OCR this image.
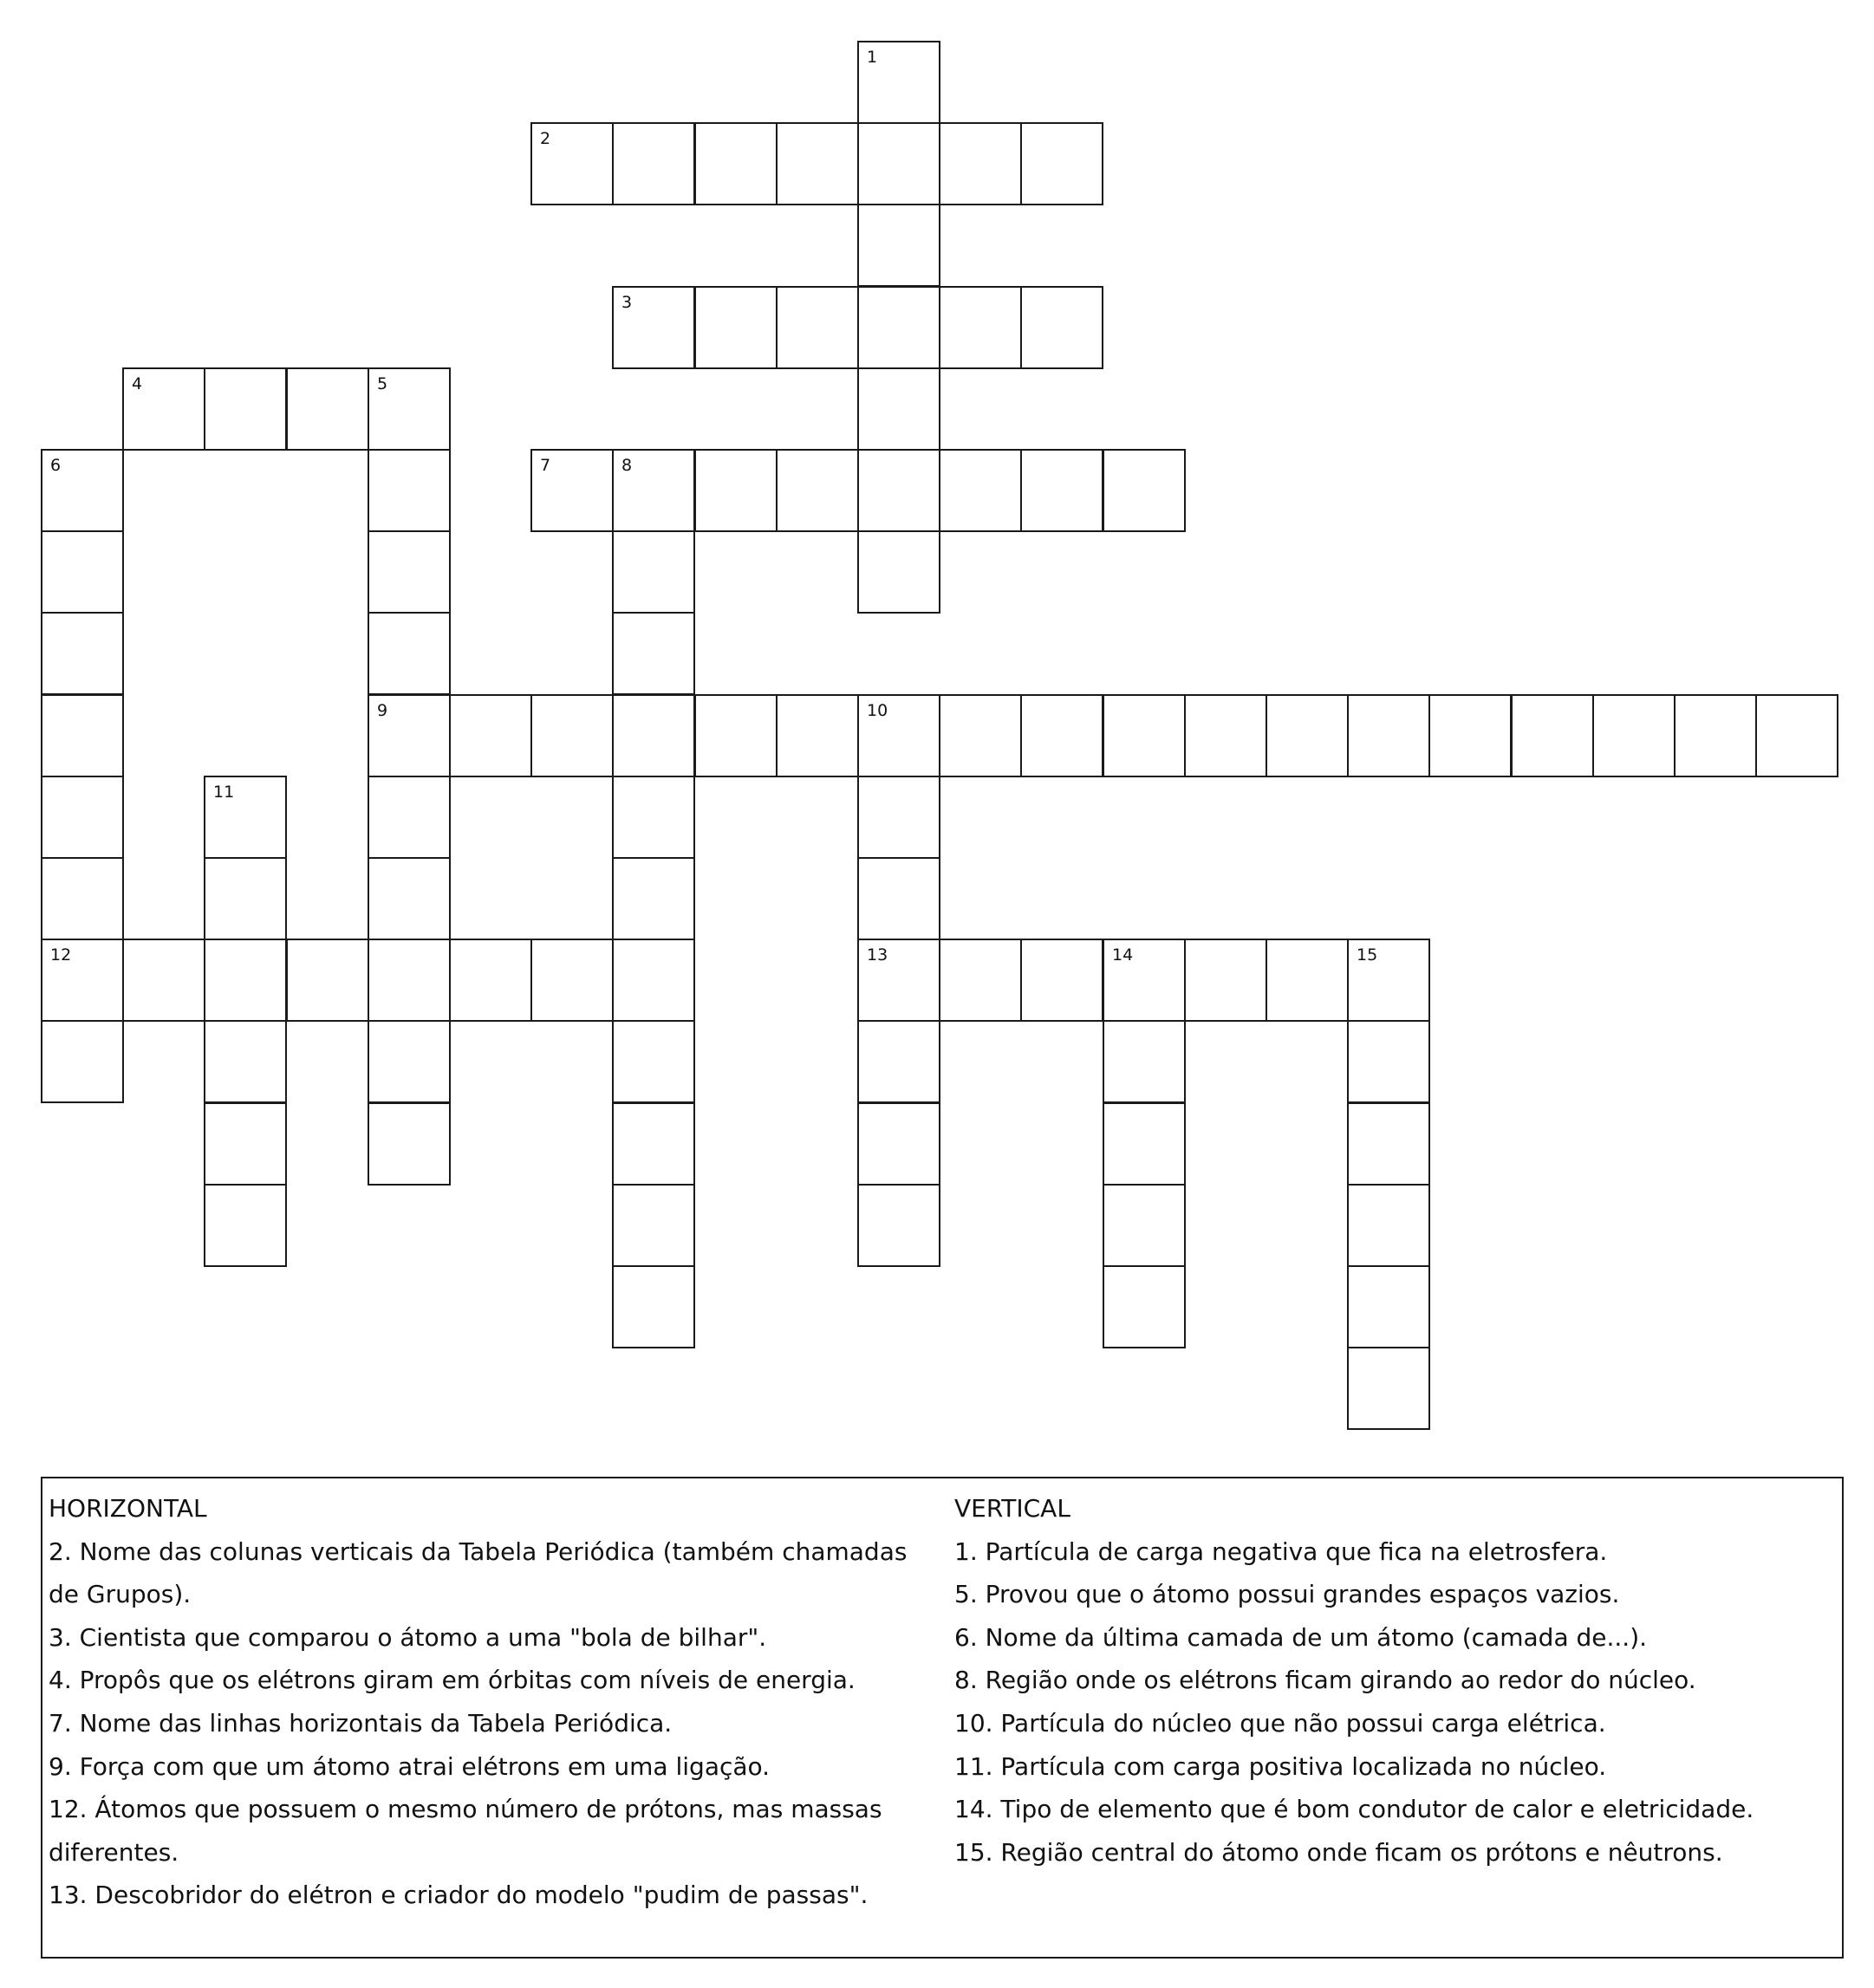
1
2
3
4	5
6	7	8
9	10
11
12	13	14	15

HORIZONTAL

2. Nome das colunas verticais da Tabela Periódica (também chamadas de Grupos).

3. Cientista que comparou o átomo a uma "bola de bilhar".

4. Propôs que os elétrons giram em órbitas com níveis de energia.

7. Nome das linhas horizontais da Tabela Periódica.

9. Força com que um átomo atrai elétrons em uma ligação.

12. Átomos que possuem o mesmo número de prótons, mas massas diferentes.

13. Descobridor do elétron e criador do modelo "pudim de passas".

VERTICAL

1. Partícula de carga negativa que fica na eletrosfera.

5. Provou que o átomo possui grandes espaços vazios.

6. Nome da última camada de um átomo (camada de...).

8. Região onde os elétrons ficam girando ao redor do núcleo.

10. Partícula do núcleo que não possui carga elétrica.

11. Partícula com carga positiva localizada no núcleo.

14. Tipo de elemento que é bom condutor de calor e eletricidade.

15. Região central do átomo onde ficam os prótons e nêutrons.
